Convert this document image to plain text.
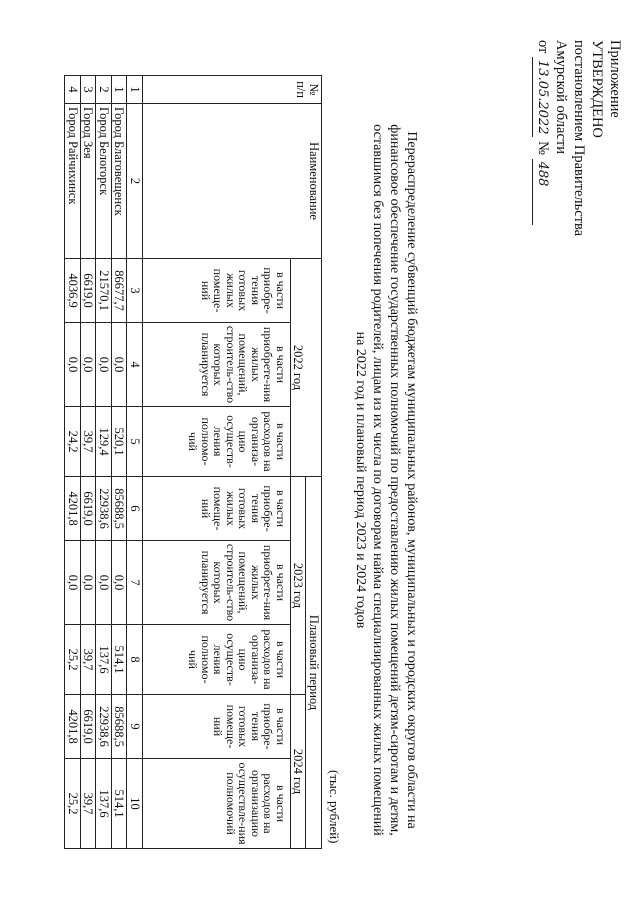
Приложение
УТВЕРЖДЕНО
постановлением Правительства
Амурской области
от 13.05.2022 № 488
Перераспределение субвенций бюджетам муниципальных районов, муниципальных и городских округов области на финансовое обеспечение государственных полномочий по предоставлению жилых помещений детям-сиротам и детям, оставшимся без попечения родителей, лицам из их числа по договорам найма специализированных жилых помещений на 2022 год и плановый период 2023 и 2024 годов
(тыс. рублей)
№ п/п	Наименование	2022 год			Плановый период				
					2023 год			2024 год	
		в части приобре-тения готовых жилых помеще-ний	в части приобрете-ния жилых помещений, строитель-ство которых планируется	в части расходов на организа-цию осуществ-ления полномо-чий	в части приобре-тения готовых жилых помеще-ний	в части приобрете-ния жилых помещений, строитель-ство которых планируется	в части расходов на организа-цию осуществ-ления полномо-чий	в части приобре-тения готовых помеще-ний	в части расходов на организацию осуществле-ния полномочий
1	2	3	4	5	6	7	8	9	10
1	Город Благовещенск	86677,7	0,0	520,1	85688,5	0,0	514,1	85688,5	514,1
2	Город Белогорск	21570,1	0,0	129,4	22938,6	0,0	137,6	22938,6	137,6
3	Город Зея	6619,0	0,0	39,7	6619,0	0,0	39,7	6619,0	39,7
4	Город Райчихинск	4036,9	0,0	24,2	4201,8	0,0	25,2	4201,8	25,2
